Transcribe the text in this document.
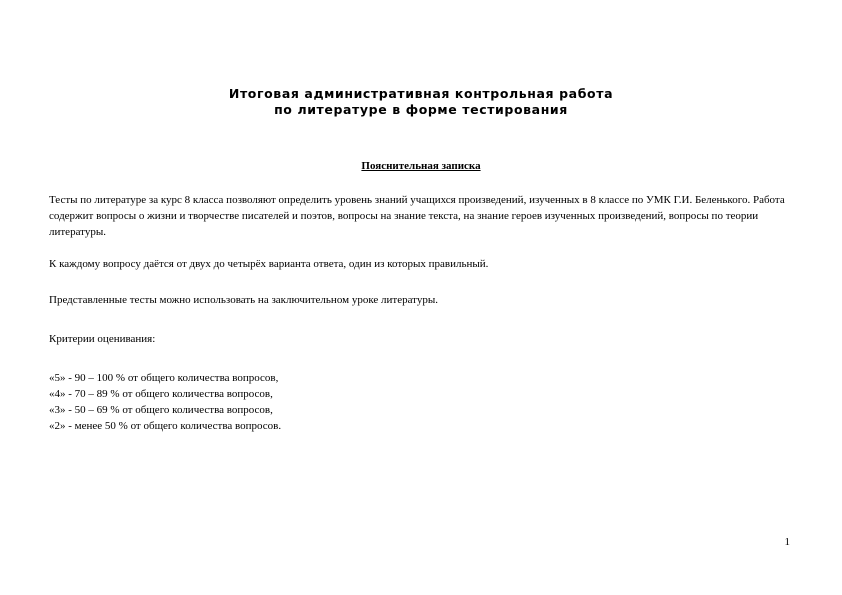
Итоговая административная контрольная работа
по литературе в форме тестирования
Пояснительная записка

Тесты по литературе за курс 8 класса позволяют определить уровень знаний учащихся произведений, изученных в 8 классе по УМК Г.И. Беленького. Работа содержит вопросы о жизни и творчестве писателей и поэтов, вопросы на знание текста, на знание героев изученных произведений, вопросы по теории литературы.

К каждому вопросу даётся от двух до четырёх варианта ответа, один из которых правильный.

Представленные тесты можно использовать на заключительном уроке литературы.

Критерии оценивания:

«5» - 90 – 100 % от общего количества вопросов,
«4» - 70 – 89 % от общего количества вопросов,
«3» - 50 – 69 % от общего количества вопросов,
«2» - менее 50 % от общего количества вопросов.
1
